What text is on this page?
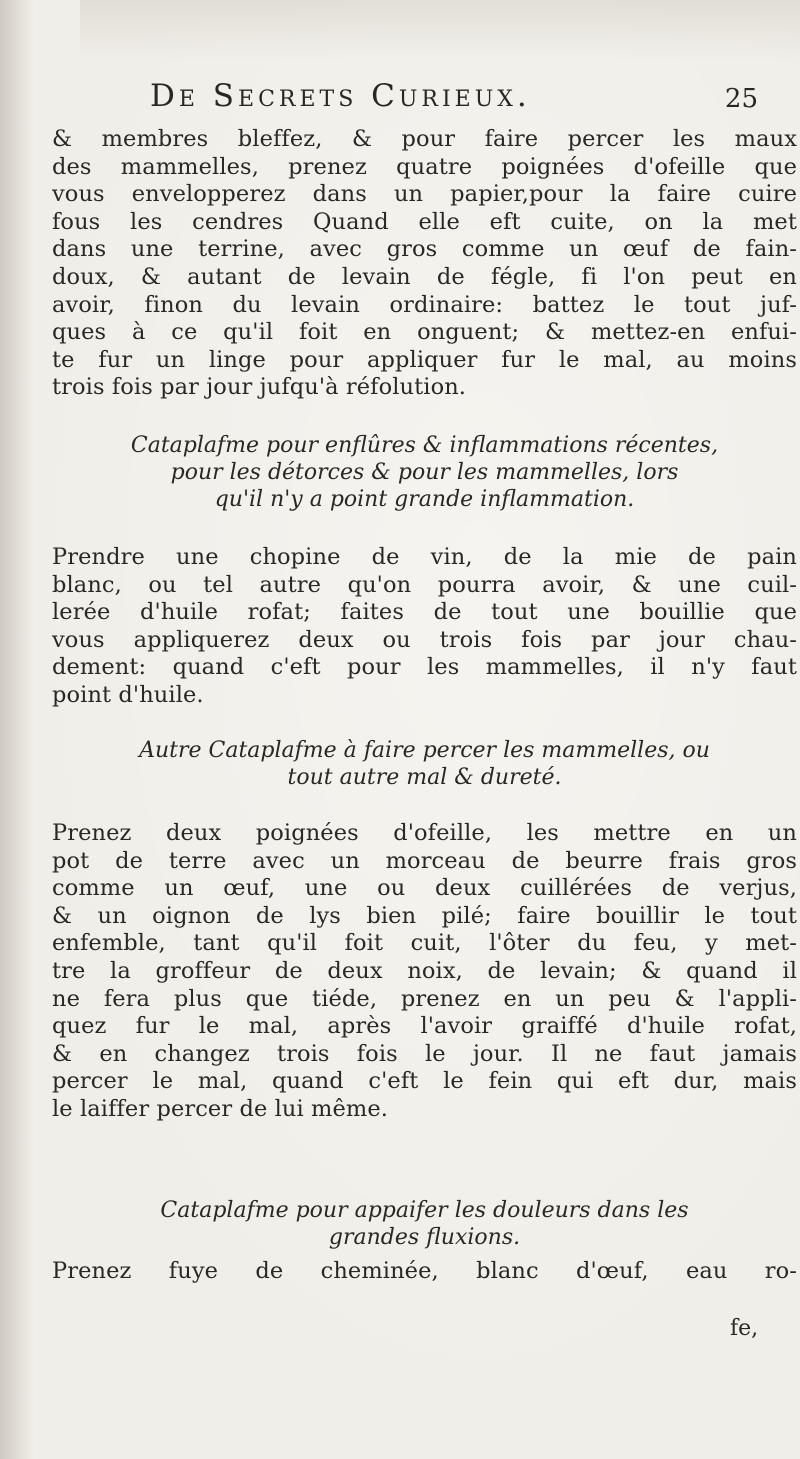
De Secrets Curieux.	25
& membres bleffez, & pour faire percer les maux
des mammelles, prenez quatre poignées d'ofeille que
vous envelopperez dans un papier,pour la faire cuire
fous les cendres Quand elle eft cuite, on la met
dans une terrine, avec gros comme un œuf de fain-
doux, & autant de levain de fégle, fi l'on peut en
avoir, finon du levain ordinaire: battez le tout juf-
ques à ce qu'il foit en onguent; & mettez-en enfui-
te fur un linge pour appliquer fur le mal, au moins
trois fois par jour jufqu'à réfolution.
Cataplafme pour enflûres & inflammations récentes,
pour les détorces & pour les mammelles, lors
qu'il n'y a point grande inflammation.
Prendre une chopine de vin, de la mie de pain
blanc, ou tel autre qu'on pourra avoir, & une cuil-
lerée d'huile rofat; faites de tout une bouillie que
vous appliquerez deux ou trois fois par jour chau-
dement: quand c'eft pour les mammelles, il n'y faut
point d'huile.
Autre Cataplafme à faire percer les mammelles, ou
tout autre mal & dureté.
Prenez deux poignées d'ofeille, les mettre en un
pot de terre avec un morceau de beurre frais gros
comme un œuf, une ou deux cuillérées de verjus,
& un oignon de lys bien pilé; faire bouillir le tout
enfemble, tant qu'il foit cuit, l'ôter du feu, y met-
tre la groffeur de deux noix, de levain; & quand il
ne fera plus que tiéde, prenez en un peu & l'appli-
quez fur le mal, après l'avoir graiffé d'huile rofat,
& en changez trois fois le jour. Il ne faut jamais
percer le mal, quand c'eft le fein qui eft dur, mais
le laiffer percer de lui même.
Cataplafme pour appaifer les douleurs dans les
grandes fluxions.
Prenez fuye de cheminée, blanc d'œuf, eau ro-
fe,
